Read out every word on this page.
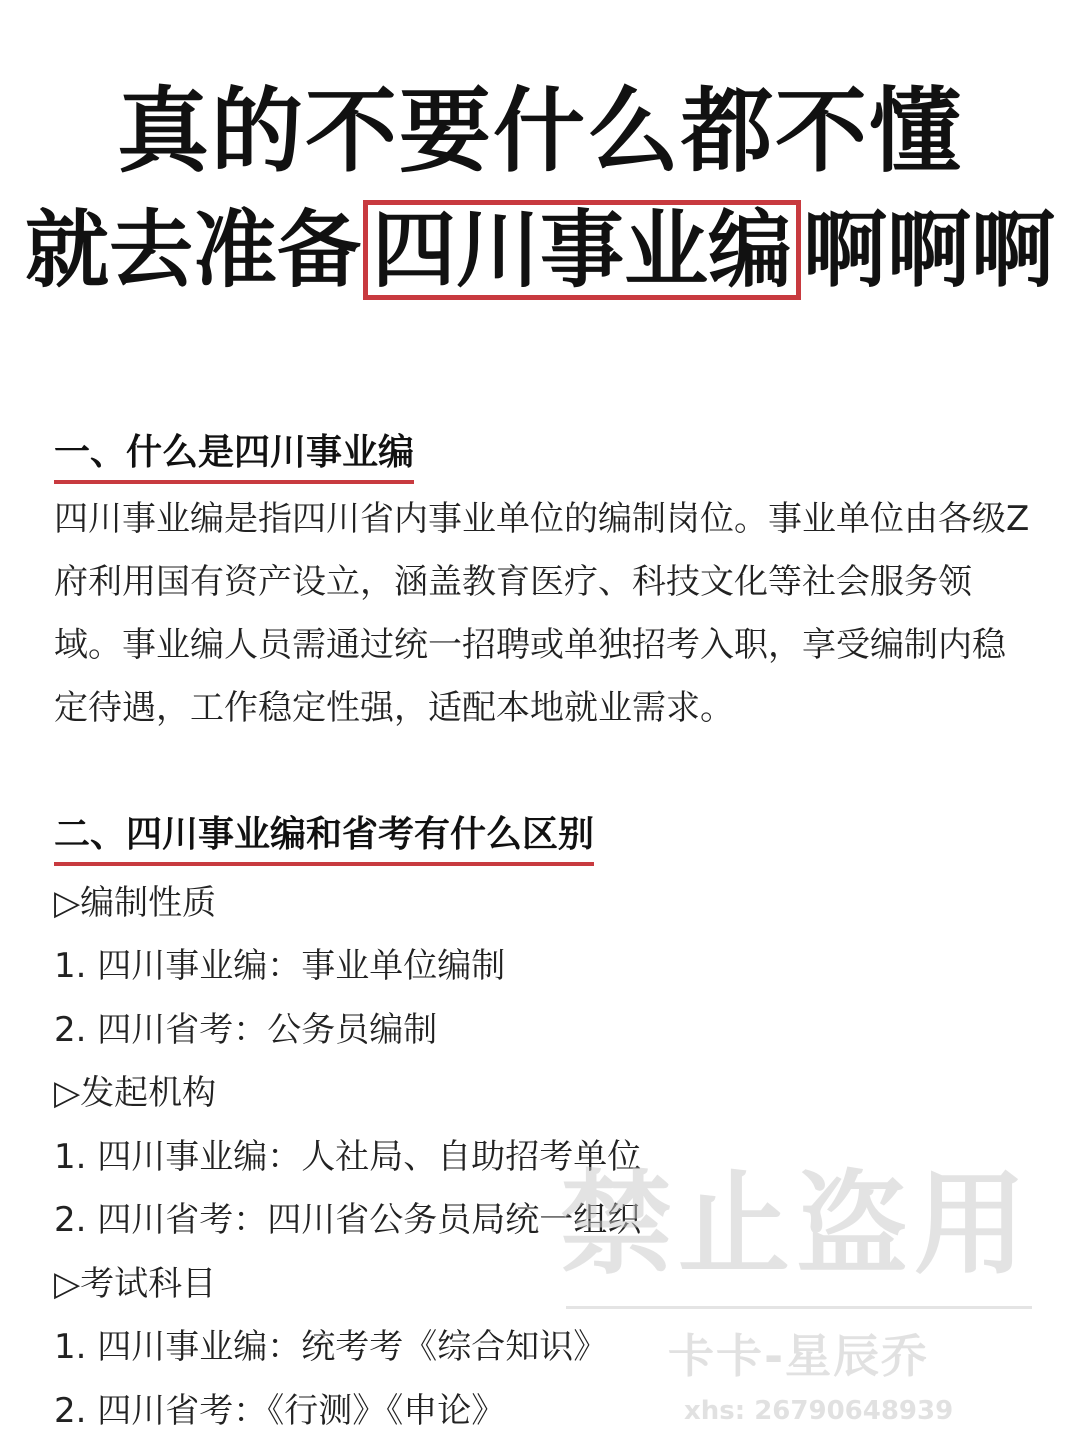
真的不要什么都不懂
就去准备 四川事业编 啊啊啊
一、什么是四川事业编

四川事业编是指四川省内事业单位的编制岗位。事业单位由各级Z府利用国有资产设立，涵盖教育医疗、科技文化等社会服务领域。事业编人员需通过统一招聘或单独招考入职，享受编制内稳定待遇，工作稳定性强，适配本地就业需求。

二、四川事业编和省考有什么区别
▷编制性质
1. 四川事业编：事业单位编制
2. 四川省考：公务员编制
▷发起机构
1. 四川事业编：人社局、自助招考单位
2. 四川省考：四川省公务员局统一组织
▷考试科目
1. 四川事业编：统考考《综合知识》
2. 四川省考：《行测》《申论》
禁止盗用
卡卡-星辰乔
xhs: 26790648939
